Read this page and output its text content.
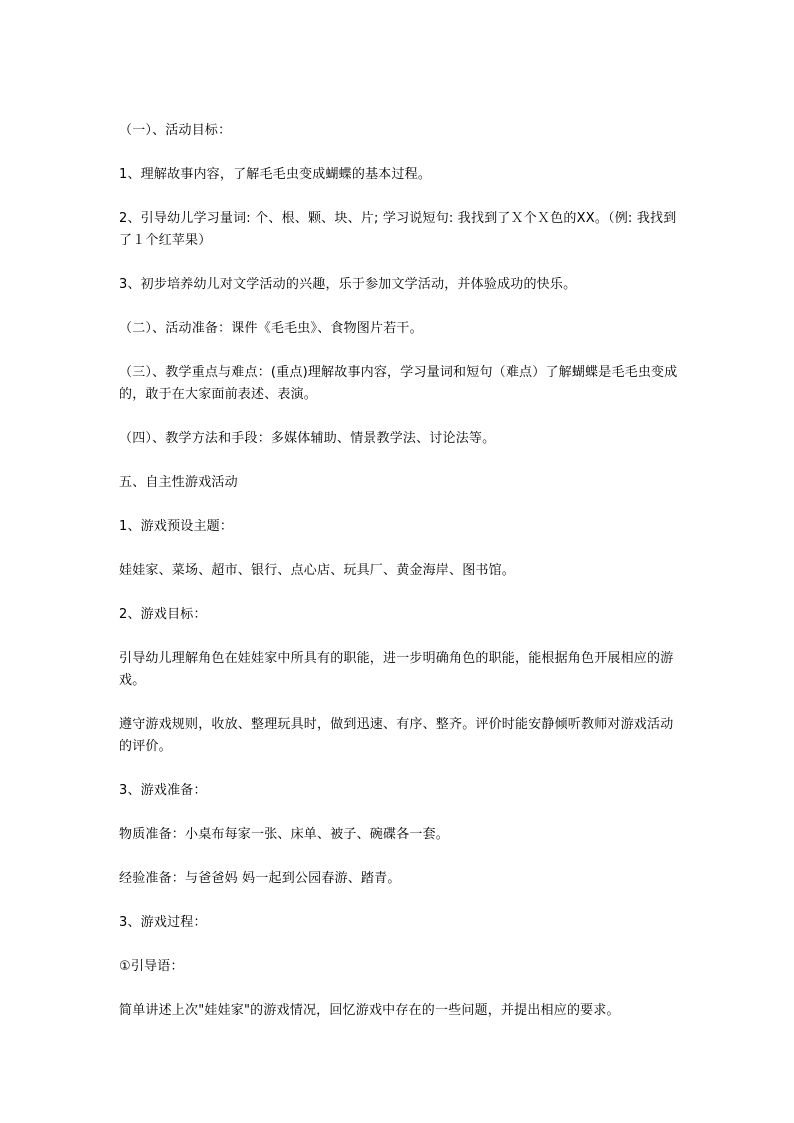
（一）、活动目标：

1、理解故事内容，了解毛毛虫变成蝴蝶的基本过程。

2、引导幼儿学习量词: 个、根、颗、块、片; 学习说短句: 我找到了Ｘ个Ｘ色的XX。（例: 我找到了１个红苹果）

3、初步培养幼儿对文学活动的兴趣，乐于参加文学活动，并体验成功的快乐。

（二）、活动准备：课件《毛毛虫》、食物图片若干。

（三）、教学重点与难点：(重点)理解故事内容，学习量词和短句（难点）了解蝴蝶是毛毛虫变成的，敢于在大家面前表述、表演。

（四）、教学方法和手段：多媒体辅助、情景教学法、讨论法等。

五、自主性游戏活动

1、游戏预设主题：

娃娃家、菜场、超市、银行、点心店、玩具厂、黄金海岸、图书馆。

2、游戏目标：

引导幼儿理解角色在娃娃家中所具有的职能，进一步明确角色的职能，能根据角色开展相应的游戏。

遵守游戏规则，收放、整理玩具时，做到迅速、有序、整齐。评价时能安静倾听教师对游戏活动的评价。

3、游戏准备：

物质准备：小桌布每家一张、床单、被子、碗碟各一套。

经验准备：与爸爸妈 妈一起到公园春游、踏青。

3、游戏过程：

①引导语：

简单讲述上次"娃娃家"的游戏情况，回忆游戏中存在的一些问题，并提出相应的要求。
